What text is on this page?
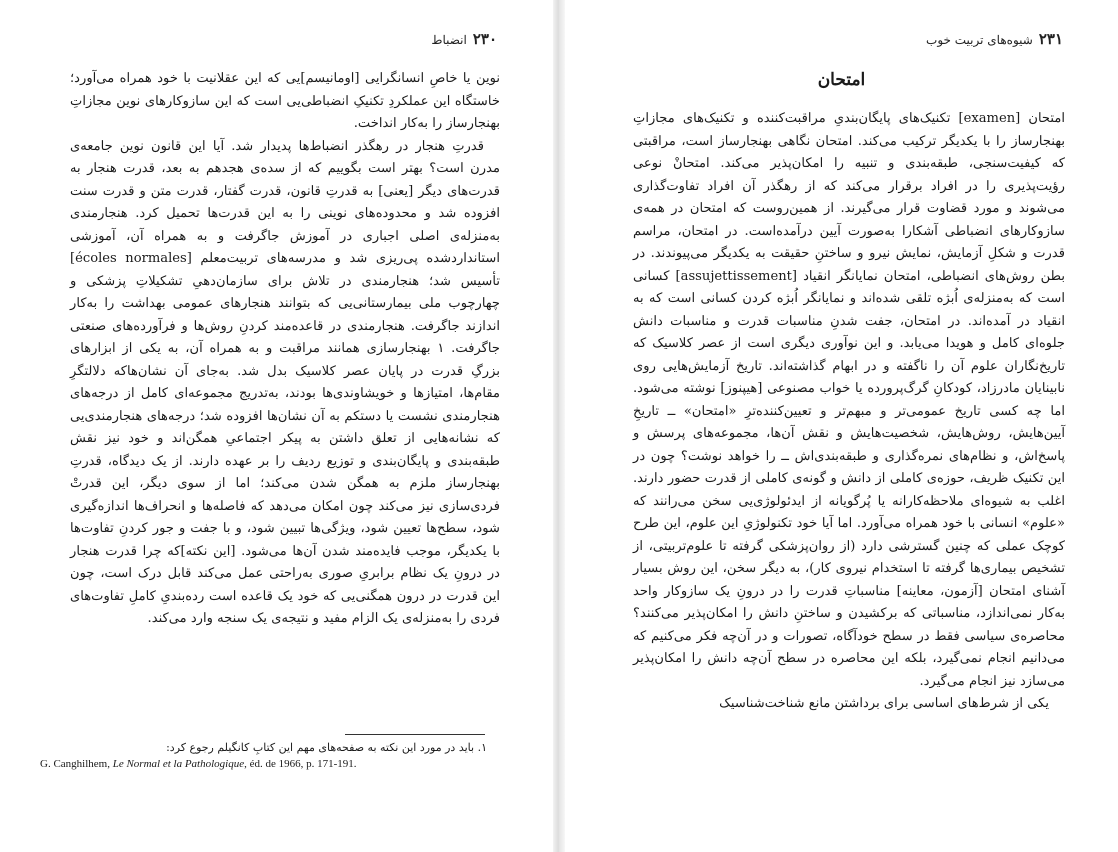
۲۳۰
انضباط

نوین یا خاصِ انسانگرایی [اومانیسم]یی که این عقلانیت با خود همراه می‌آورد؛ خاستگاه این عملکردِ تکنیکِ انضباطی‌یی است که این سازوکارهای نوین مجازاتِ بهنجارساز را به‌کار انداخت.

قدرتِ هنجار در رهگذر انضباط‌ها پدیدار شد. آیا این قانون نوین جامعه‌ی مدرن است؟ بهتر است بگوییم که از سده‌ی هجدهم به بعد، قدرت هنجار به قدرت‌های دیگر [یعنی] به قدرتِ قانون، قدرت گفتار، قدرت متن و قدرت سنت افزوده شد و محدوده‌های نوینی را به این قدرت‌ها تحمیل کرد. هنجارمندی به‌منزله‌ی اصلی اجباری در آموزش جاگرفت و به همراه آن، آموزشی استانداردشده پی‌ریزی شد و مدرسه‌های تربیت‌معلم [écoles normales] تأسیس شد؛ هنجارمندی در تلاش برای سازمان‌دهیِ تشکیلاتِ پزشکی و چهارچوب ملی بیمارستانی‌یی که بتوانند هنجارهای عمومی بهداشت را به‌کار اندازند جاگرفت. هنجارمندی در قاعده‌مند کردنِ روش‌ها و فرآورده‌های صنعتی جاگرفت. ۱ بهنجارسازی همانند مراقبت و به همراه آن، به یکی از ابزارهای بزرگِ قدرت در پایان عصر کلاسیک بدل شد. به‌جای آن نشان‌هاکه دلالتگرِ مقام‌ها، امتیازها و خویشاوندی‌ها بودند، به‌تدریج مجموعه‌ای کامل از درجه‌های هنجارمندی نشست یا دستکم به آن نشان‌ها افزوده شد؛ درجه‌های هنجارمندی‌یی که نشانه‌هایی از تعلق داشتن به پیکر اجتماعیِ همگن‌اند و خود نیز نقش طبقه‌بندی و پایگان‌بندی و توزیع ردیف را بر عهده دارند. از یک دیدگاه، قدرتِ بهنجارساز ملزم به همگن شدن می‌کند؛ اما از سوی دیگر، این قدرتْ فردی‌سازی نیز می‌کند چون امکان می‌دهد که فاصله‌ها و انحراف‌ها اندازه‌گیری شود، سطح‌ها تعیین شود، ویژگی‌ها تبیین شود، و با جفت و جور کردنِ تفاوت‌ها با یکدیگر، موجب فایده‌مند شدن آن‌ها می‌شود. [این نکته]که چرا قدرت هنجار در درونِ یک نظام برابریِ صوری به‌راحتی عمل می‌کند قابل درک است، چون این قدرت در درون همگنی‌یی که خود یک قاعده است رده‌بندیِ کاملِ تفاوت‌های فردی را به‌منزله‌ی یک الزام مفید و نتیجه‌ی یک سنجه وارد می‌کند.

۱. باید در مورد این نکته به صفحه‌های مهم این کتابِ کانگیلم رجوع کرد:
G. Canghilhem, Le Normal et la Pathologique, éd. de 1966, p. 171-191.
۲۳۱
شیوه‌های تربیت خوب
امتحان

امتحان [examen] تکنیک‌های پایگان‌بندیِ مراقبت‌کننده و تکنیک‌های مجازاتِ بهنجارساز را با یکدیگر ترکیب می‌کند. امتحان نگاهی بهنجارساز است، مراقبتی که کیفیت‌سنجی، طبقه‌بندی و تنبیه را امکان‌پذیر می‌کند. امتحانْ نوعی رؤیت‌پذیری را در افراد برقرار می‌کند که از رهگذر آن افراد تفاوت‌گذاری می‌شوند و مورد قضاوت قرار می‌گیرند. از همین‌روست که امتحان در همه‌ی سازوکارهای انضباطی آشکارا به‌صورت آیین درآمده‌است. در امتحان، مراسم قدرت و شکلِ آزمایش، نمایش نیرو و ساختنِ حقیقت به یکدیگر می‌پیوندند. در بطن روش‌های انضباطی، امتحان نمایانگر انقیاد [assujettissement] کسانی است که به‌منزله‌ی اُبژه تلقی شده‌اند و نمایانگر اُبژه کردن کسانی است که به انقیاد در آمده‌اند. در امتحان، جفت شدنِ مناسبات قدرت و مناسبات دانش جلوه‌ای کامل و هویدا می‌یابد. و این نوآوری دیگری است از عصر کلاسیک که تاریخ‌نگاران علوم آن را ناگفته و در ابهام گذاشته‌اند. تاریخ آزمایش‌هایی روی نابینایان مادرزاد، کودکانِ گرگ‌پرورده یا خواب مصنوعی [هیپنوز] نوشته می‌شود. اما چه کسی تاریخ عمومی‌تر و مبهم‌تر و تعیین‌کننده‌ترِ «امتحان» ــ تاریخِ آیین‌هایش، روش‌هایش، شخصیت‌هایش و نقش آن‌ها، مجموعه‌های پرسش و پاسخ‌اش، و نظام‌های نمره‌گذاری و طبقه‌بندی‌اش ــ را خواهد نوشت؟ چون در این تکنیک ظریف، حوزه‌ی کاملی از دانش و گونه‌ی کاملی از قدرت حضور دارند. اغلب به شیوه‌ای ملاحظه‌کارانه یا پُرگویانه از ایدئولوژی‌یی سخن می‌رانند که «علوم» انسانی با خود همراه می‌آورد. اما آیا خود تکنولوژیِ این علوم، این طرح کوچک عملی که چنین گسترشی دارد (از روان‌پزشکی گرفته تا علوم‌تربیتی، از تشخیص بیماری‌ها گرفته تا استخدام نیروی کار)، به دیگر سخن، این روش بسیار آشنای امتحان [آزمون، معاینه] مناسباتِ قدرت را در درونِ یک سازوکار واحد به‌کار نمی‌اندازد، مناسباتی که برکشیدن و ساختنِ دانش را امکان‌پذیر می‌کنند؟ محاصره‌ی سیاسی فقط در سطح خودآگاه، تصورات و در آن‌چه فکر می‌کنیم که می‌دانیم انجام نمی‌گیرد، بلکه این محاصره در سطح آن‌چه دانش را امکان‌پذیر می‌سازد نیز انجام می‌گیرد.

یکی از شرط‌های اساسی برای برداشتن مانع شناخت‌شناسیک
